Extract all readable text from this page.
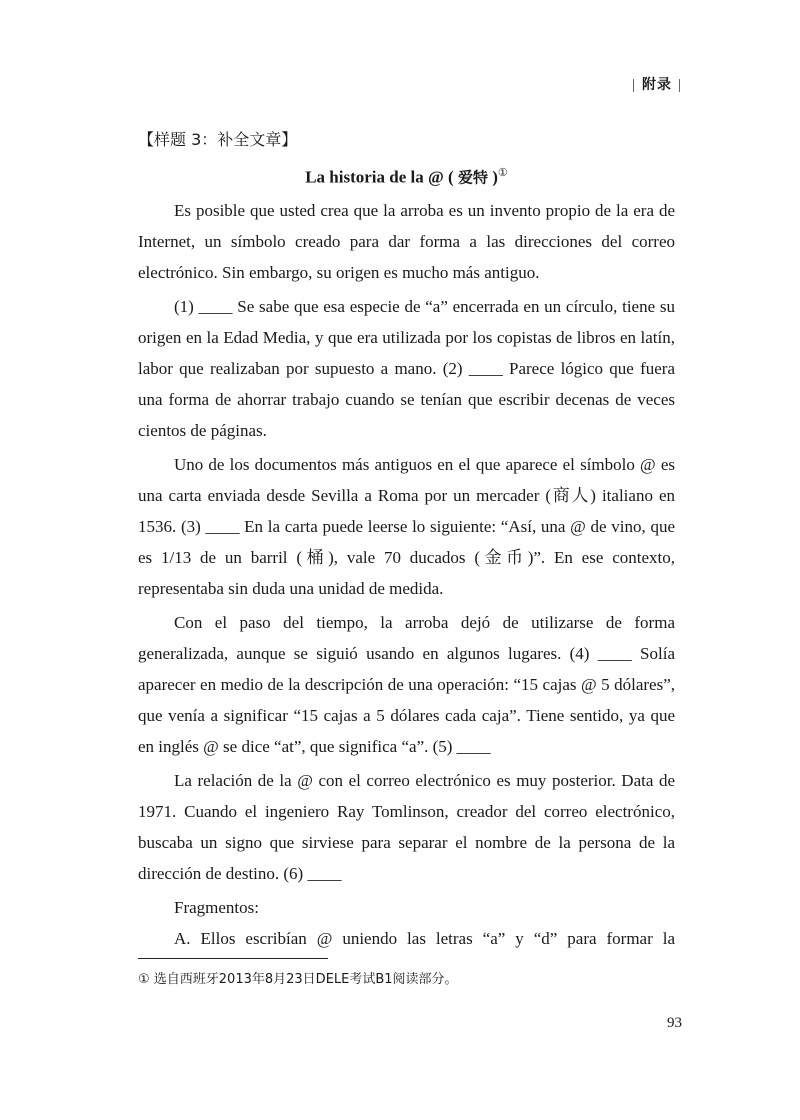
| 附录 |

【样题 3：补全文章】

La historia de la @ ( 爱特 )①

Es posible que usted crea que la arroba es un invento propio de la era de Internet, un símbolo creado para dar forma a las direcciones del correo electrónico. Sin embargo, su origen es mucho más antiguo.

(1) ____ Se sabe que esa especie de “a” encerrada en un círculo, tiene su origen en la Edad Media, y que era utilizada por los copistas de libros en latín, labor que realizaban por supuesto a mano. (2) ____ Parece lógico que fuera una forma de ahorrar trabajo cuando se tenían que escribir decenas de veces cientos de páginas.

Uno de los documentos más antiguos en el que aparece el símbolo @ es una carta enviada desde Sevilla a Roma por un mercader (商人) italiano en 1536. (3) ____ En la carta puede leerse lo siguiente: “Así, una @ de vino, que es 1/13 de un barril (桶), vale 70 ducados (金币)”. En ese contexto, representaba sin duda una unidad de medida.

Con el paso del tiempo, la arroba dejó de utilizarse de forma generalizada, aunque se siguió usando en algunos lugares. (4) ____ Solía aparecer en medio de la descripción de una operación: “15 cajas @ 5 dólares”, que venía a significar “15 cajas a 5 dólares cada caja”. Tiene sentido, ya que en inglés @ se dice “at”, que significa “a”. (5) ____

La relación de la @ con el correo electrónico es muy posterior. Data de 1971. Cuando el ingeniero Ray Tomlinson, creador del correo electrónico, buscaba un signo que sirviese para separar el nombre de la persona de la dirección de destino. (6) ____

Fragmentos:

A. Ellos escribían @ uniendo las letras “a” y “d” para formar la

① 选自西班牙2013年8月23日DELE考试B1阅读部分。
93
